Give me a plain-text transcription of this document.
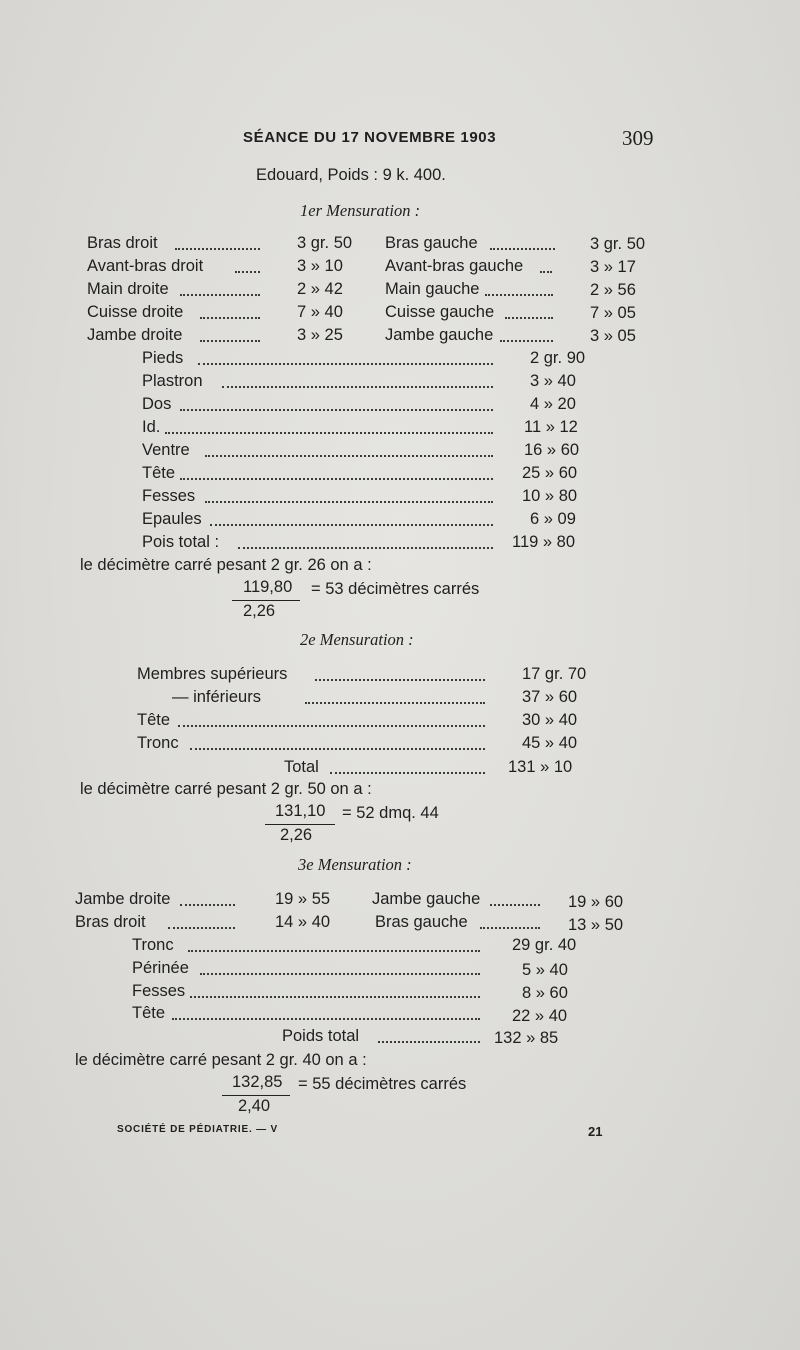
SÉANCE DU 17 NOVEMBRE 1903	309
Edouard, Poids : 9 k. 400.
1er Mensuration :
Bras droit	3 gr. 50 Bras gauche	3 gr. 50
Avant-bras droit	3 » 10	Avant-bras gauche	3 » 17
Main droite	2 » 42	Main gauche	2 » 56
Cuisse droite	7 » 40	Cuisse gauche	7 » 05
Jambe droite	3 » 25	Jambe gauche	3 » 05
Pieds	2 gr. 90
Plastron	3 » 40
Dos	4 » 20
Id.	11 » 12
Ventre	16 » 60
Tête	25 » 60
Fesses	10 » 80
Epaules	6 » 09
Pois total :	119 » 80
le décimètre carré pesant 2 gr. 26 on a :
119,80 = 53 décimètres carrés
2,26
2e Mensuration :
Membres supérieurs	17 gr. 70
— inférieurs	37 » 60
Tête	30 » 40
Tronc	45 » 40
Total	131 » 10
le décimètre carré pesant 2 gr. 50 on a :
131,10 = 52 dmq. 44
2,26
3e Mensuration :
Jambe droite	19 » 55	Jambe gauche	19 » 60
Bras droit	14 » 40	Bras gauche	13 » 50
Tronc	29 gr. 40
Périnée	5 » 40
Fesses	8 » 60
Tête	22 » 40
Poids total	132 » 85
le décimètre carré pesant 2 gr. 40 on a :
132,85 = 55 décimètres carrés
2,40
SOCIÉTÉ DE PÉDIATRIE. — V	21
